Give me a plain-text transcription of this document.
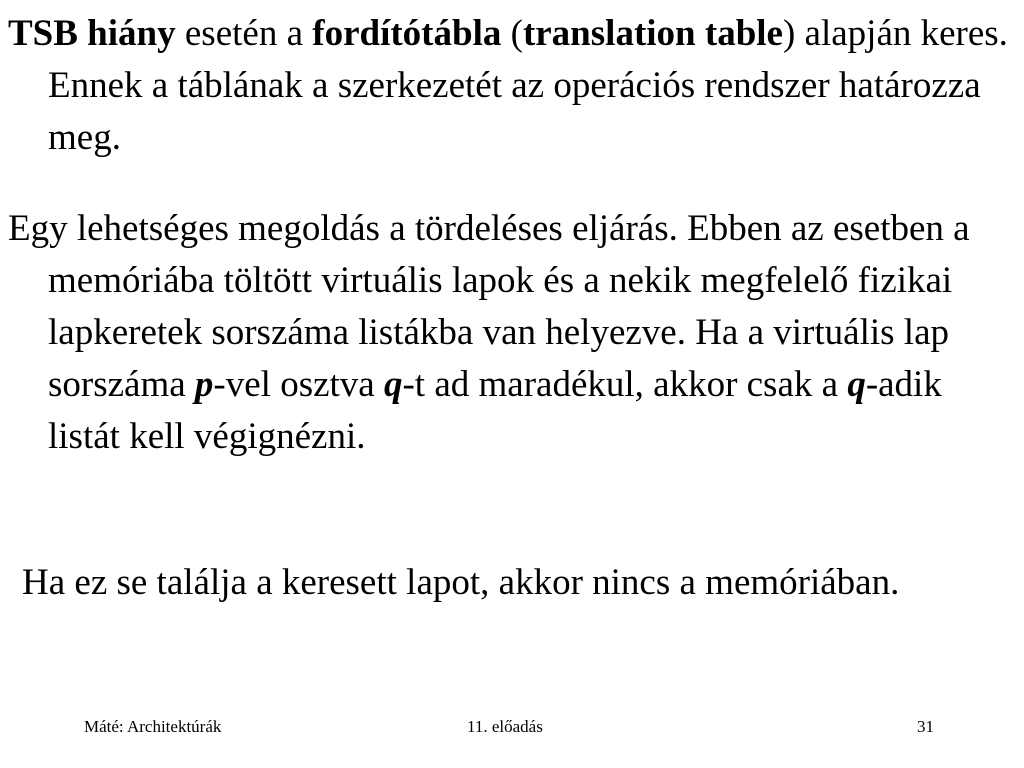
TSB hiány esetén a fordítótábla (translation table) alapján keres. Ennek a táblának a szerkezetét az operációs rendszer határozza meg.

Egy lehetséges megoldás a tördeléses eljárás. Ebben az esetben a memóriába töltött virtuális lapok és a nekik megfelelő fizikai lapkeretek sorszáma listákba van helyezve. Ha a virtuális lap sorszáma p-vel osztva q-t ad maradékul, akkor csak a q-adik listát kell végignézni.

Ha ez se találja a keresett lapot, akkor nincs a memóriában.

Máté: Architektúrák	11. előadás	31
